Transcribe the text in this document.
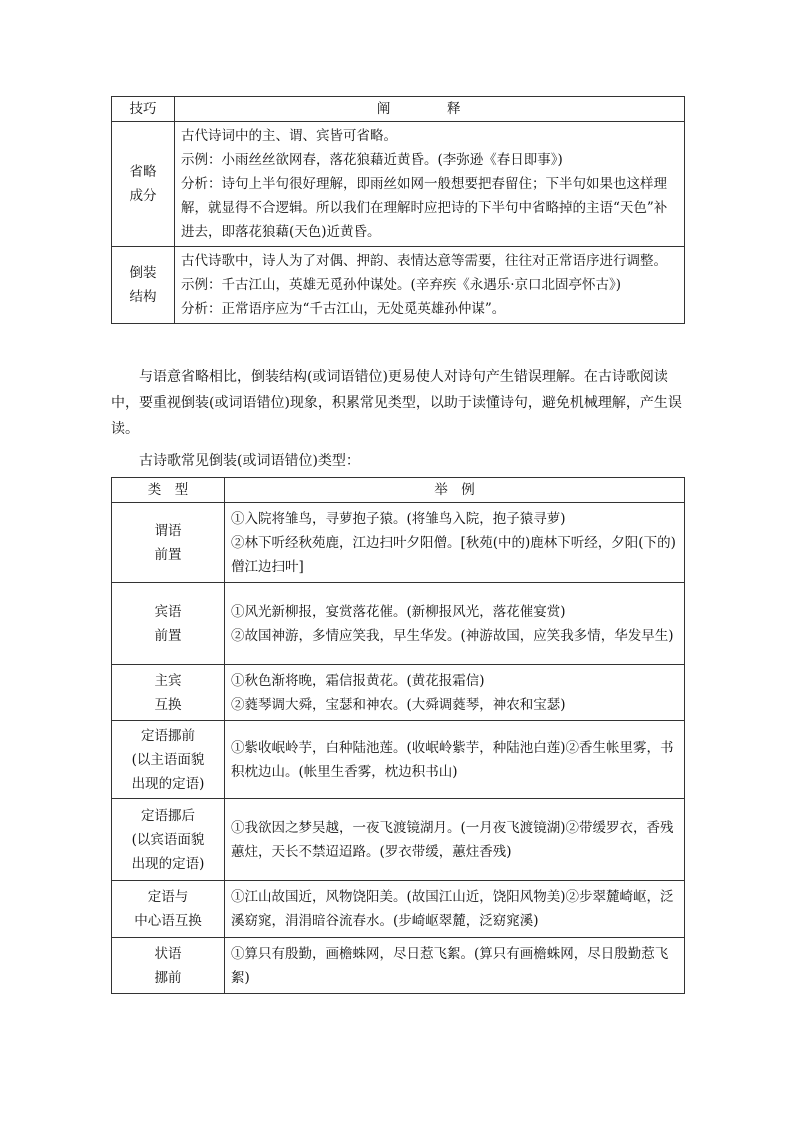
技巧	阐　释
省略
成分	古代诗词中的主、谓、宾皆可省略。
示例：小雨丝丝欲网春，落花狼藉近黄昏。(李弥逊《春日即事》)
分析：诗句上半句很好理解，即雨丝如网一般想要把春留住；下半句如果也这样理解，就显得不合逻辑。所以我们在理解时应把诗的下半句中省略掉的主语“天色”补进去，即落花狼藉(天色)近黄昏。

倒装
结构	古代诗歌中，诗人为了对偶、押韵、表情达意等需要，往往对正常语序进行调整。
示例：千古江山，英雄无觅孙仲谋处。(辛弃疾《永遇乐·京口北固亭怀古》)
分析：正常语序应为“千古江山，无处觅英雄孙仲谋”。

与语意省略相比，倒装结构(或词语错位)更易使人对诗句产生错误理解。在古诗歌阅读中，要重视倒装(或词语错位)现象，积累常见类型，以助于读懂诗句，避免机械理解，产生误读。

古诗歌常见倒装(或词语错位)类型：

类　型	举　例
谓语
前置	①入院将雏鸟，寻萝抱子猿。(将雏鸟入院，抱子猿寻萝)
②林下听经秋苑鹿，江边扫叶夕阳僧。[秋苑(中的)鹿林下听经，夕阳(下的)僧江边扫叶]
宾语
前置	①风光新柳报，宴赏落花催。(新柳报风光，落花催宴赏)
②故国神游，多情应笑我，早生华发。(神游故国，应笑我多情，华发早生)
主宾
互换	①秋色渐将晚，霜信报黄花。(黄花报霜信)
②蕤琴调大舜，宝瑟和神农。(大舜调蕤琴，神农和宝瑟)
定语挪前
(以主语面貌
出现的定语)	①紫收岷岭芋，白种陆池莲。(收岷岭紫芋，种陆池白莲)②香生帐里雾，书积枕边山。(帐里生香雾，枕边积书山)
定语挪后
(以宾语面貌
出现的定语)	①我欲因之梦吴越，一夜飞渡镜湖月。(一月夜飞渡镜湖)②带缓罗衣，香残蕙炷，天长不禁迢迢路。(罗衣带缓，蕙炷香残)
定语与
中心语互换	①江山故国近，风物饶阳美。(故国江山近，饶阳风物美)②步翠麓崎岖，泛溪窈窕，涓涓暗谷流春水。(步崎岖翠麓，泛窈窕溪)
状语
挪前	①算只有殷勤，画檐蛛网，尽日惹飞絮。(算只有画檐蛛网，尽日殷勤惹飞絮)
